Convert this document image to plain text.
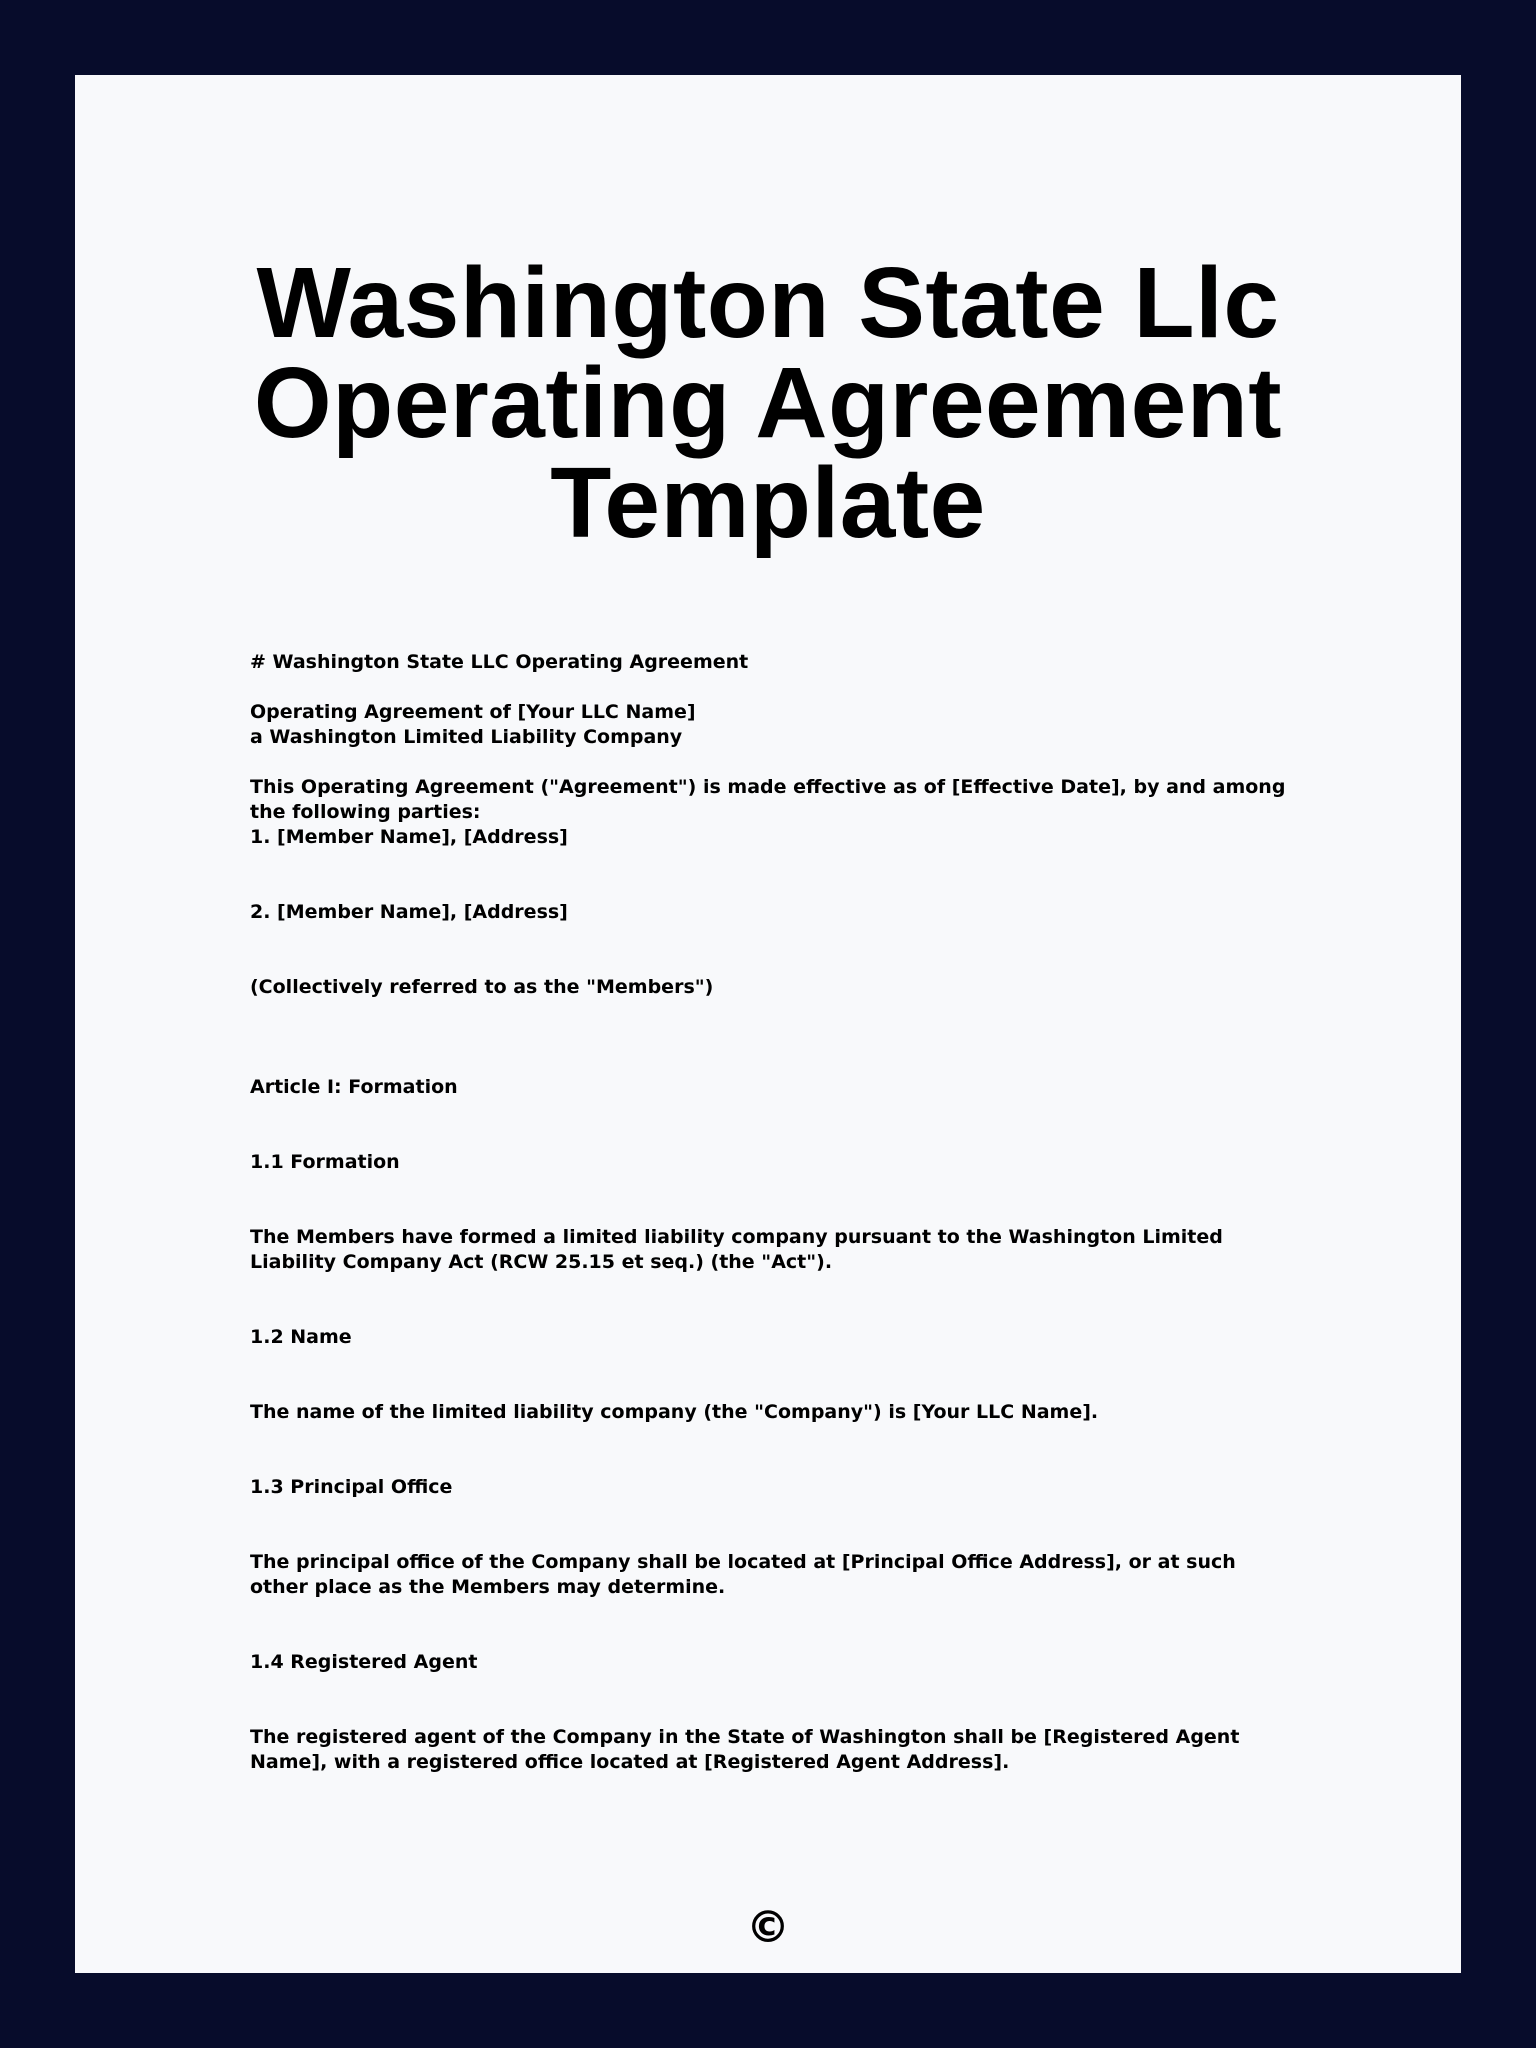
Washington State Llc
Operating Agreement
Template

# Washington State LLC Operating Agreement

Operating Agreement of [Your LLC Name]
a Washington Limited Liability Company

This Operating Agreement ("Agreement") is made effective as of [Effective Date], by and among the following parties:
1. [Member Name], [Address]

2. [Member Name], [Address]

(Collectively referred to as the "Members")

Article I: Formation

1.1 Formation

The Members have formed a limited liability company pursuant to the Washington Limited Liability Company Act (RCW 25.15 et seq.) (the "Act").

1.2 Name

The name of the limited liability company (the "Company") is [Your LLC Name].

1.3 Principal Office

The principal office of the Company shall be located at [Principal Office Address], or at such other place as the Members may determine.

1.4 Registered Agent

The registered agent of the Company in the State of Washington shall be [Registered Agent Name], with a registered office located at [Registered Agent Address].

©
